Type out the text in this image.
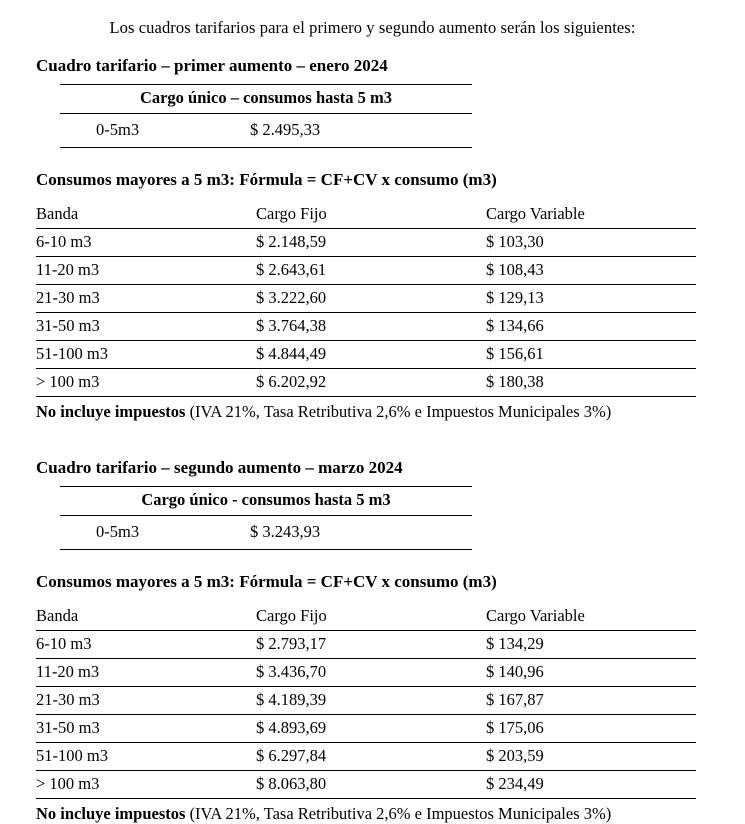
Los cuadros tarifarios para el primero y segundo aumento serán los siguientes:
Cuadro tarifario – primer aumento – enero 2024
Cargo único – consumos hasta 5 m3
0-5m3	$ 2.495,33
Consumos mayores a 5 m3: Fórmula = CF+CV x consumo (m3)
Banda	Cargo Fijo	Cargo Variable
6-10 m3	$ 2.148,59	$ 103,30
11-20 m3	$ 2.643,61	$ 108,43
21-30 m3	$ 3.222,60	$ 129,13
31-50 m3	$ 3.764,38	$ 134,66
51-100 m3	$ 4.844,49	$ 156,61
> 100 m3	$ 6.202,92	$ 180,38
No incluye impuestos (IVA 21%, Tasa Retributiva 2,6% e Impuestos Municipales 3%)
Cuadro tarifario – segundo aumento – marzo 2024
Cargo único - consumos hasta 5 m3
0-5m3	$ 3.243,93
Consumos mayores a 5 m3: Fórmula = CF+CV x consumo (m3)
Banda	Cargo Fijo	Cargo Variable
6-10 m3	$ 2.793,17	$ 134,29
11-20 m3	$ 3.436,70	$ 140,96
21-30 m3	$ 4.189,39	$ 167,87
31-50 m3	$ 4.893,69	$ 175,06
51-100 m3	$ 6.297,84	$ 203,59
> 100 m3	$ 8.063,80	$ 234,49
No incluye impuestos (IVA 21%, Tasa Retributiva 2,6% e Impuestos Municipales 3%)
